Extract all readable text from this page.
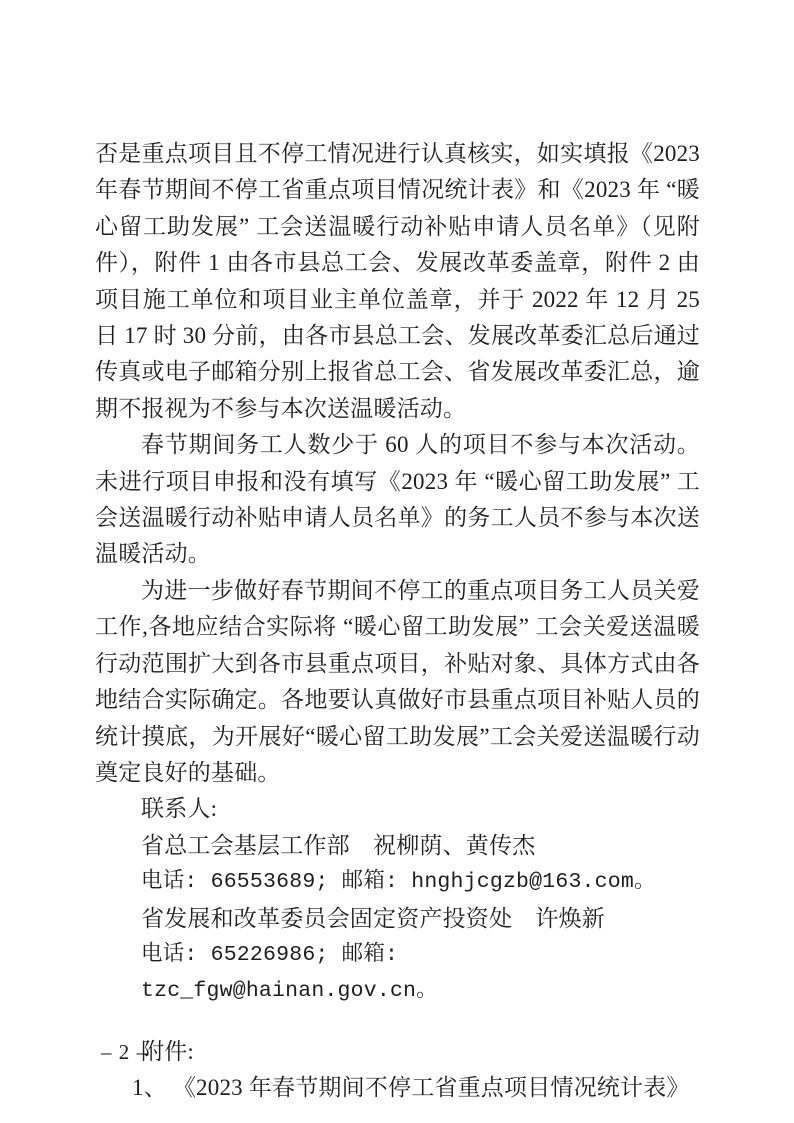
否是重点项目且不停工情况进行认真核实，如实填报《2023 年春节期间不停工省重点项目情况统计表》和《2023 年 “暖心留工助发展” 工会送温暖行动补贴申请人员名单》（见附件），附件 1 由各市县总工会、发展改革委盖章，附件 2 由项目施工单位和项目业主单位盖章，并于 2022 年 12 月 25 日 17 时 30 分前，由各市县总工会、发展改革委汇总后通过传真或电子邮箱分别上报省总工会、省发展改革委汇总，逾期不报视为不参与本次送温暖活动。

春节期间务工人数少于 60 人的项目不参与本次活动。未进行项目申报和没有填写《2023 年 “暖心留工助发展” 工会送温暖行动补贴申请人员名单》的务工人员不参与本次送温暖活动。

为进一步做好春节期间不停工的重点项目务工人员关爱工作,各地应结合实际将 “暖心留工助发展” 工会关爱送温暖行动范围扩大到各市县重点项目，补贴对象、具体方式由各地结合实际确定。各地要认真做好市县重点项目补贴人员的统计摸底，为开展好“暖心留工助发展”工会关爱送温暖行动奠定良好的基础。

联系人:

省总工会基层工作部　祝柳荫、黄传杰

电话: 66553689; 邮箱: hnghjcgzb@163.com。

省发展和改革委员会固定资产投资处　许焕新

电话: 65226986; 邮箱: tzc_fgw@hainan.gov.cn。

附件:

1、 《2023 年春节期间不停工省重点项目情况统计表》

– 2 –
